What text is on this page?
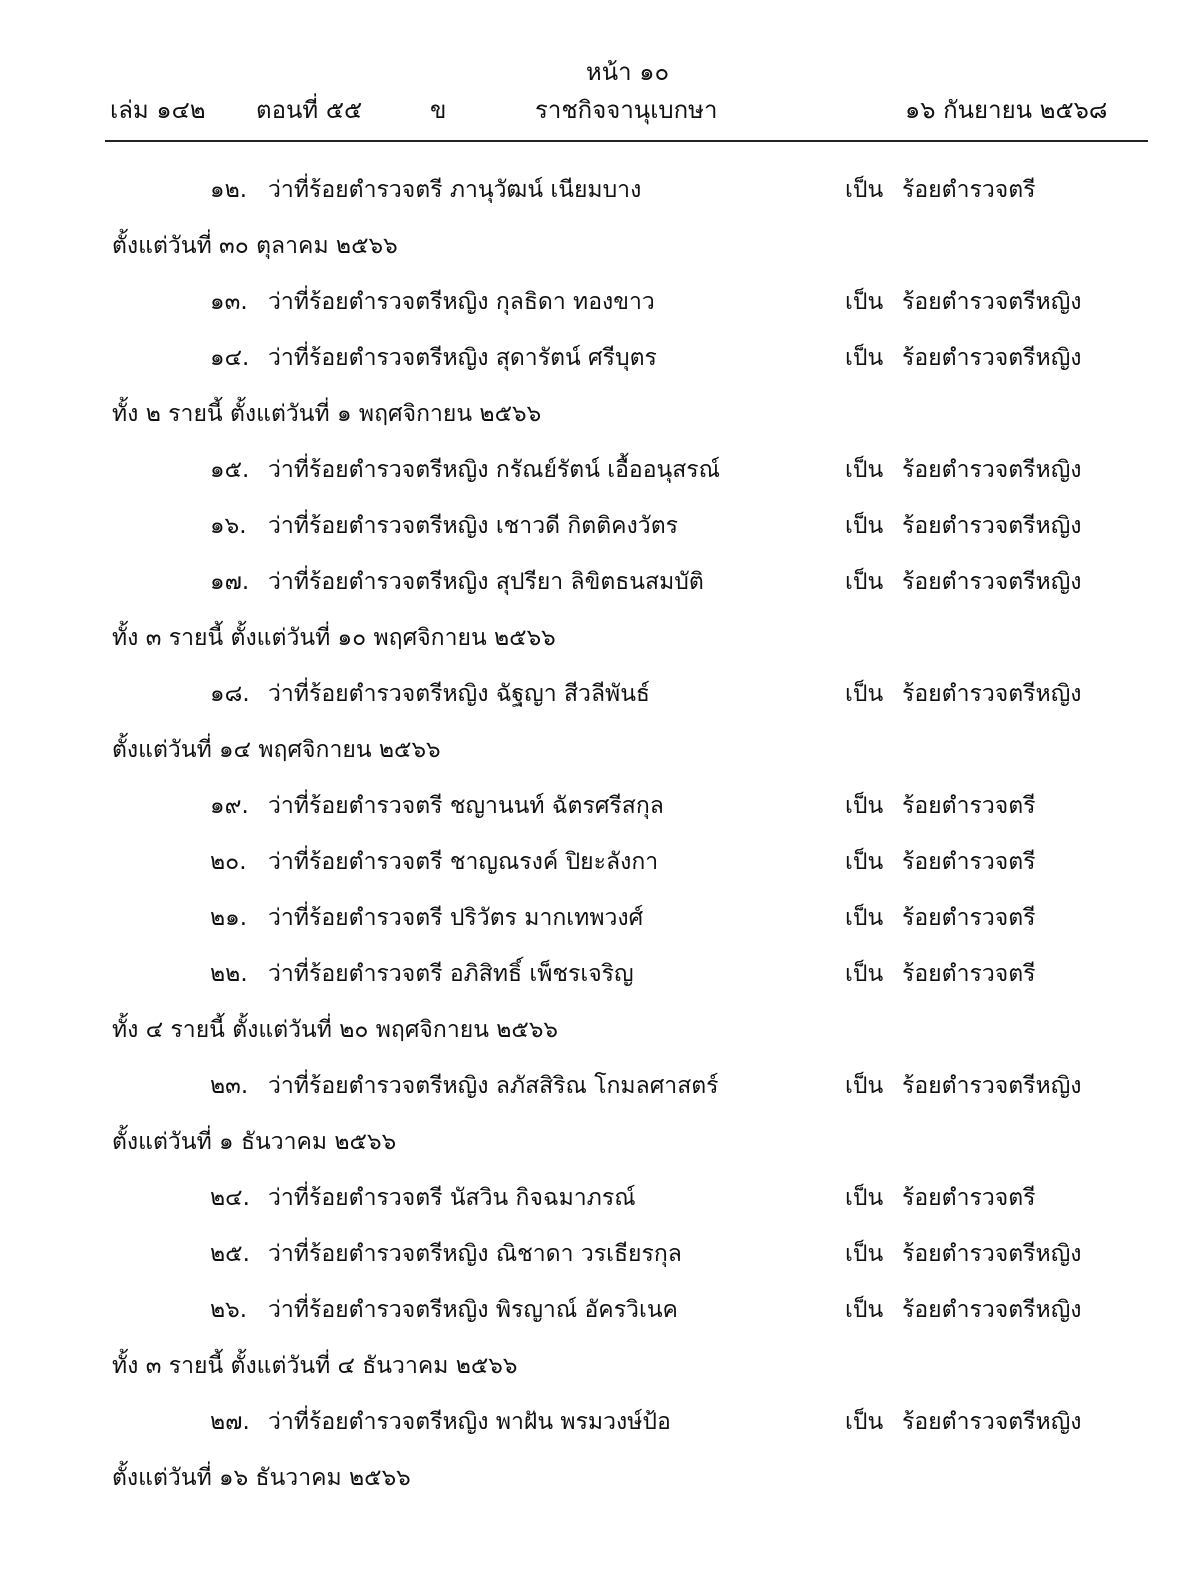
หน้า ๑๐
เล่ม ๑๔๒ ตอนที่ ๕๕	ข	ราชกิจจานุเบกษา	๑๖ กันยายน ๒๕๖๘
๑๒. ว่าที่ร้อยตำรวจตรี ภานุวัฒน์ เนียมบาง	เป็น ร้อยตำรวจตรี
ตั้งแต่วันที่ ๓๐ ตุลาคม ๒๕๖๖
๑๓. ว่าที่ร้อยตำรวจตรีหญิง กุลธิดา ทองขาว	เป็น ร้อยตำรวจตรีหญิง
๑๔. ว่าที่ร้อยตำรวจตรีหญิง สุดารัตน์ ศรีบุตร	เป็น ร้อยตำรวจตรีหญิง
ทั้ง ๒ รายนี้ ตั้งแต่วันที่ ๑ พฤศจิกายน ๒๕๖๖
๑๕. ว่าที่ร้อยตำรวจตรีหญิง กรัณย์รัตน์ เอื้ออนุสรณ์	เป็น ร้อยตำรวจตรีหญิง
๑๖. ว่าที่ร้อยตำรวจตรีหญิง เชาวดี กิตติคงวัตร	เป็น ร้อยตำรวจตรีหญิง
๑๗. ว่าที่ร้อยตำรวจตรีหญิง สุปรียา ลิขิตธนสมบัติ	เป็น ร้อยตำรวจตรีหญิง
ทั้ง ๓ รายนี้ ตั้งแต่วันที่ ๑๐ พฤศจิกายน ๒๕๖๖
๑๘. ว่าที่ร้อยตำรวจตรีหญิง ฉัฐญา สีวลีพันธ์	เป็น ร้อยตำรวจตรีหญิง
ตั้งแต่วันที่ ๑๔ พฤศจิกายน ๒๕๖๖
๑๙. ว่าที่ร้อยตำรวจตรี ชญานนท์ ฉัตรศรีสกุล	เป็น ร้อยตำรวจตรี
๒๐. ว่าที่ร้อยตำรวจตรี ชาญณรงค์ ปิยะลังกา	เป็น ร้อยตำรวจตรี
๒๑. ว่าที่ร้อยตำรวจตรี ปริวัตร มากเทพวงศ์	เป็น ร้อยตำรวจตรี
๒๒. ว่าที่ร้อยตำรวจตรี อภิสิทธิ์ เพ็ชรเจริญ	เป็น ร้อยตำรวจตรี
ทั้ง ๔ รายนี้ ตั้งแต่วันที่ ๒๐ พฤศจิกายน ๒๕๖๖
๒๓. ว่าที่ร้อยตำรวจตรีหญิง ลภัสสิริณ โกมลศาสตร์	เป็น ร้อยตำรวจตรีหญิง
ตั้งแต่วันที่ ๑ ธันวาคม ๒๕๖๖
๒๔. ว่าที่ร้อยตำรวจตรี นัสวิน กิจฉมาภรณ์	เป็น ร้อยตำรวจตรี
๒๕. ว่าที่ร้อยตำรวจตรีหญิง ณิชาดา วรเธียรกุล	เป็น ร้อยตำรวจตรีหญิง
๒๖. ว่าที่ร้อยตำรวจตรีหญิง พิรญาณ์ อัครวิเนค	เป็น ร้อยตำรวจตรีหญิง
ทั้ง ๓ รายนี้ ตั้งแต่วันที่ ๔ ธันวาคม ๒๕๖๖
๒๗. ว่าที่ร้อยตำรวจตรีหญิง พาฝัน พรมวงษ์ป้อ	เป็น ร้อยตำรวจตรีหญิง
ตั้งแต่วันที่ ๑๖ ธันวาคม ๒๕๖๖
